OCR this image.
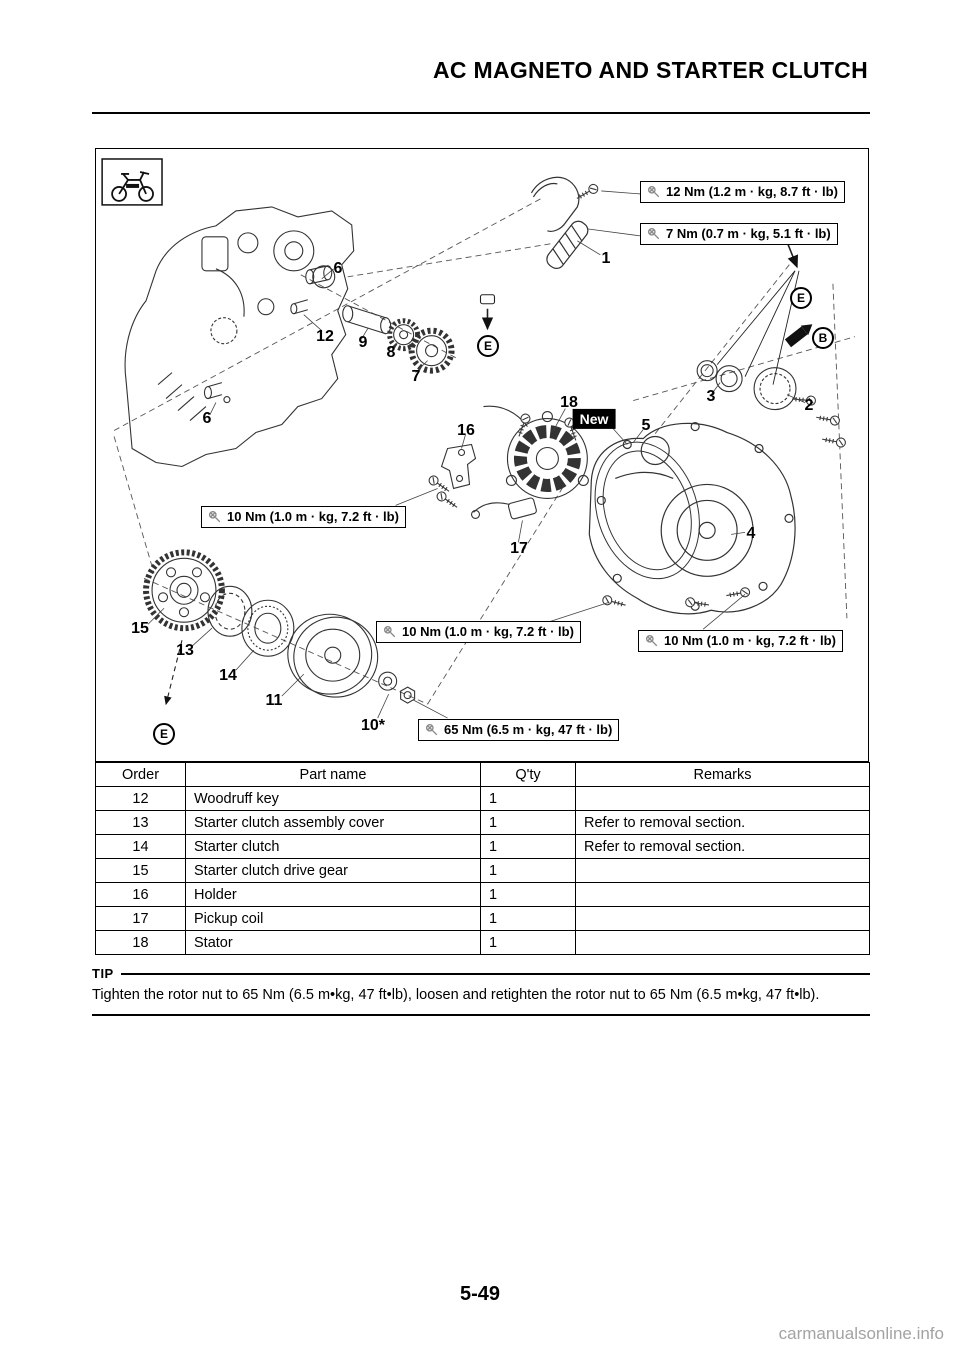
AC MAGNETO AND STARTER CLUTCH
12 Nm (1.2 m · kg, 8.7 ft · lb)
7 Nm (0.7 m · kg, 5.1 ft · lb)
10 Nm (1.0 m · kg, 7.2 ft · lb)
10 Nm (1.0 m · kg, 7.2 ft · lb)
10 Nm (1.0 m · kg, 7.2 ft · lb)
65 Nm (6.5 m · kg, 47 ft · lb)
New
1
2
3
4
5
6
6
7
8
9
10*
11
12
13
14
15
16
17
18
E
E
B
E
Order	Part name	Q'ty	Remarks
12	Woodruff key	1	
13	Starter clutch assembly cover	1	Refer to removal section.
14	Starter clutch	1	Refer to removal section.
15	Starter clutch drive gear	1	
16	Holder	1	
17	Pickup coil	1	
18	Stator	1	
TIP
Tighten the rotor nut to 65 Nm (6.5 m•kg, 47 ft•lb), loosen and retighten the rotor nut to 65 Nm (6.5 m•kg, 47 ft•lb).
5-49
carmanualsonline.info
